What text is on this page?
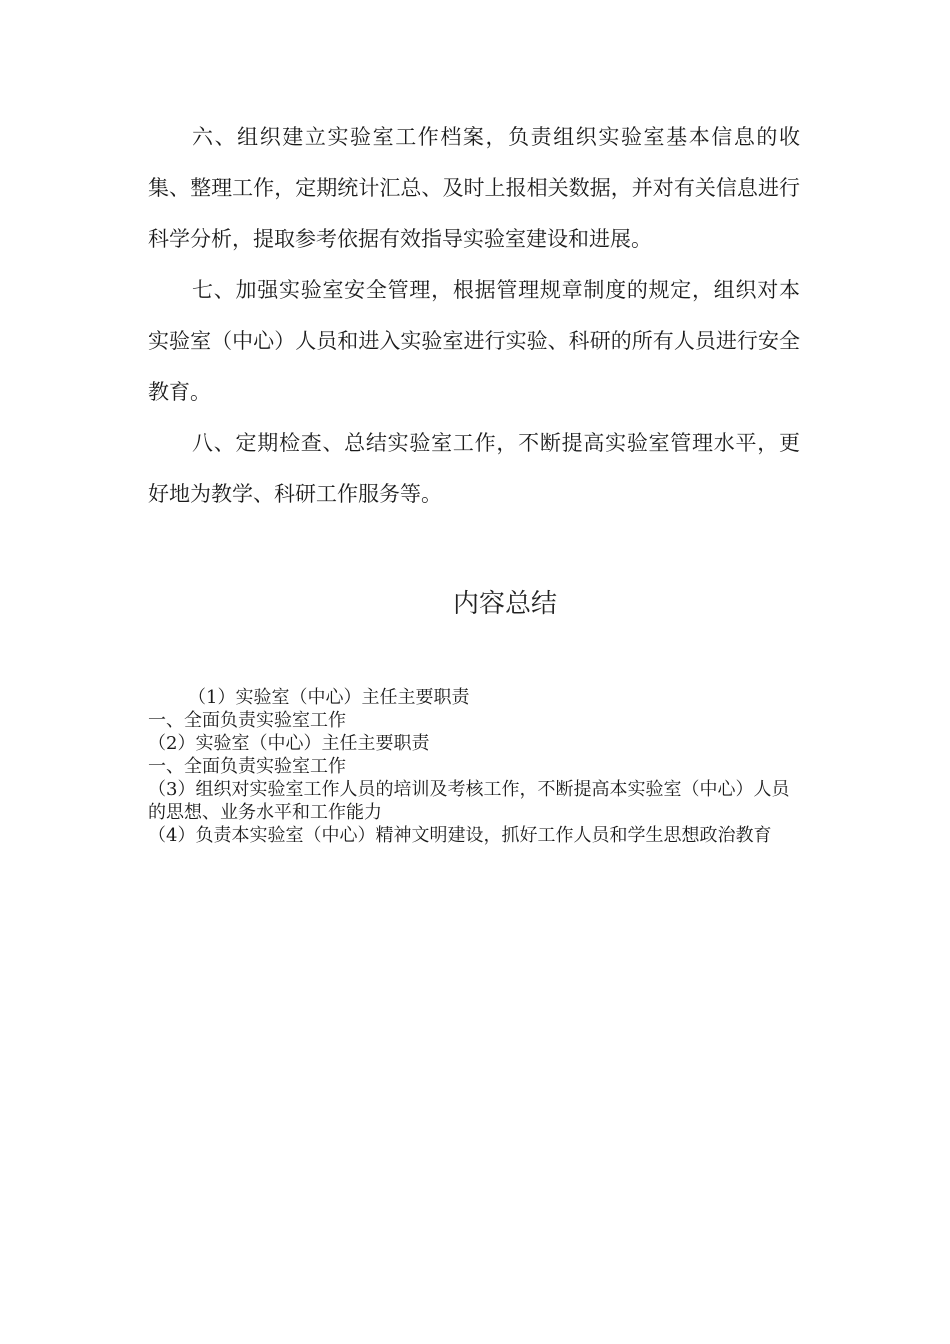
六、组织建立实验室工作档案，负责组织实验室基本信息的收集、整理工作，定期统计汇总、及时上报相关数据，并对有关信息进行科学分析，提取参考依据有效指导实验室建设和进展。

七、加强实验室安全管理，根据管理规章制度的规定，组织对本实验室（中心）人员和进入实验室进行实验、科研的所有人员进行安全教育。

八、定期检查、总结实验室工作，不断提高实验室管理水平，更好地为教学、科研工作服务等。

内容总结

（1）实验室（中心）主任主要职责

一、全面负责实验室工作

（2）实验室（中心）主任主要职责

一、全面负责实验室工作

（3）组织对实验室工作人员的培训及考核工作，不断提高本实验室（中心）人员的思想、业务水平和工作能力

（4）负责本实验室（中心）精神文明建设，抓好工作人员和学生思想政治教育
